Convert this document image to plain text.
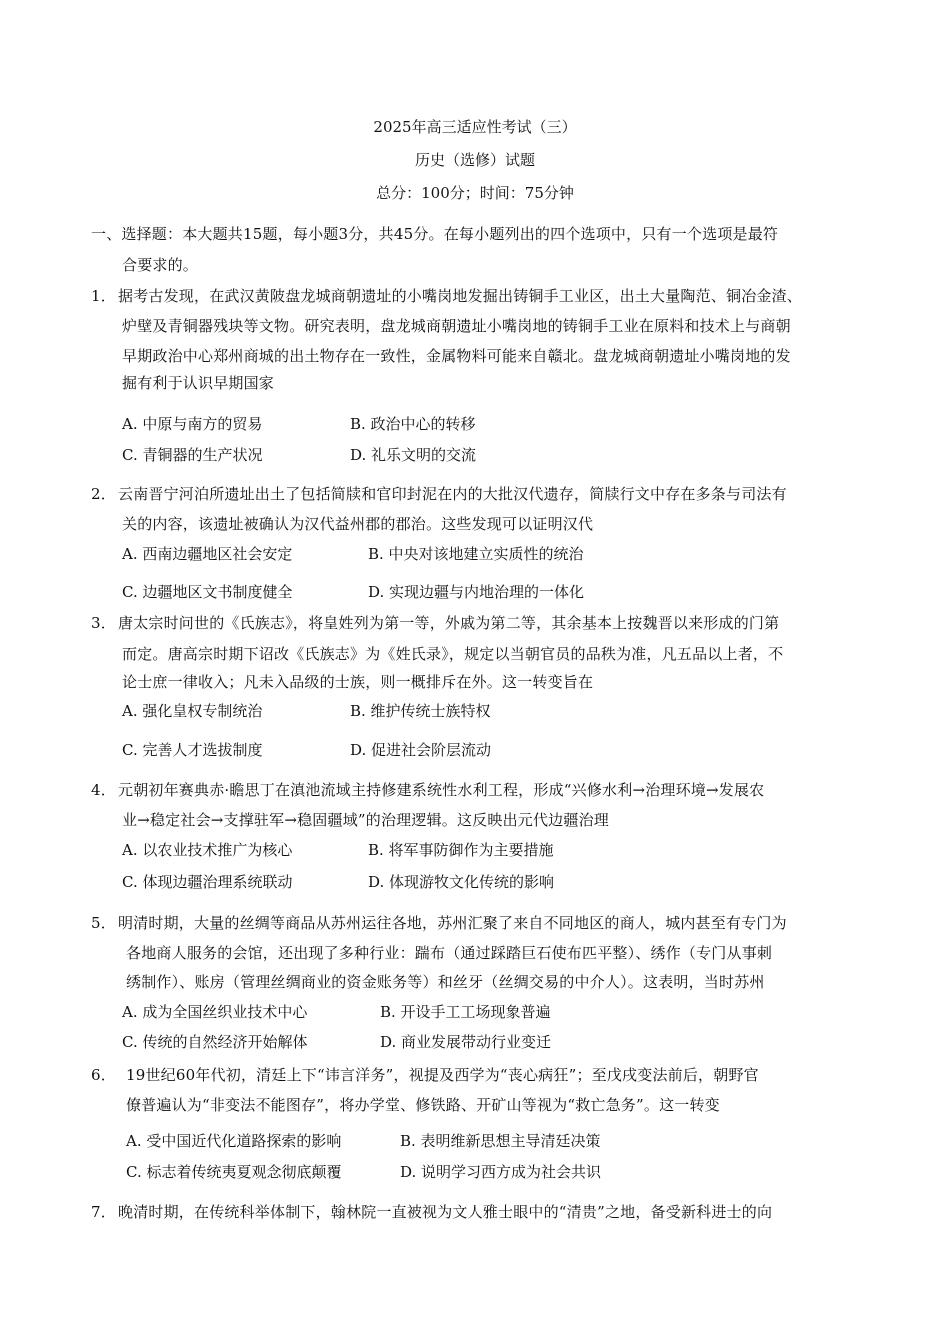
2025年高三适应性考试（三）
历史（选修）试题
总分：100分；时间：75分钟
一、选择题：本大题共15题，每小题3分，共45分。在每小题列出的四个选项中，只有一个选项是最符
合要求的。
1． 据考古发现，在武汉黄陂盘龙城商朝遗址的小嘴岗地发掘出铸铜手工业区，出土大量陶范、铜冶金渣、
炉壁及青铜器残块等文物。研究表明，盘龙城商朝遗址小嘴岗地的铸铜手工业在原料和技术上与商朝
早期政治中心郑州商城的出土物存在一致性，金属物料可能来自赣北。盘龙城商朝遗址小嘴岗地的发
掘有利于认识早期国家
A. 中原与南方的贸易	B. 政治中心的转移
C. 青铜器的生产状况	D. 礼乐文明的交流
2． 云南晋宁河泊所遗址出土了包括简牍和官印封泥在内的大批汉代遗存，简牍行文中存在多条与司法有
关的内容，该遗址被确认为汉代益州郡的郡治。这些发现可以证明汉代
A. 西南边疆地区社会安定	B. 中央对该地建立实质性的统治
C. 边疆地区文书制度健全	D. 实现边疆与内地治理的一体化
3． 唐太宗时问世的《氏族志》，将皇姓列为第一等，外戚为第二等，其余基本上按魏晋以来形成的门第
而定。唐高宗时期下诏改《氏族志》为《姓氏录》，规定以当朝官员的品秩为准，凡五品以上者，不
论士庶一律收入；凡未入品级的士族，则一概排斥在外。这一转变旨在
A. 强化皇权专制统治	B. 维护传统士族特权
C. 完善人才选拔制度	D. 促进社会阶层流动
4． 元朝初年赛典赤·瞻思丁在滇池流域主持修建系统性水利工程，形成“兴修水利→治理环境→发展农
业→稳定社会→支撑驻军→稳固疆域”的治理逻辑。这反映出元代边疆治理
A. 以农业技术推广为核心	B. 将军事防御作为主要措施
C. 体现边疆治理系统联动	D. 体现游牧文化传统的影响
5． 明清时期，大量的丝绸等商品从苏州运往各地，苏州汇聚了来自不同地区的商人，城内甚至有专门为
各地商人服务的会馆，还出现了多种行业：踹布（通过踩踏巨石使布匹平整）、绣作（专门从事刺
绣制作）、账房（管理丝绸商业的资金账务等）和丝牙（丝绸交易的中介人）。这表明，当时苏州
A. 成为全国丝织业技术中心	B. 开设手工工场现象普遍
C. 传统的自然经济开始解体	D. 商业发展带动行业变迁
6． 19世纪60年代初，清廷上下“讳言洋务”，视提及西学为“丧心病狂”；至戊戌变法前后，朝野官
僚普遍认为“非变法不能图存”，将办学堂、修铁路、开矿山等视为“救亡急务”。这一转变
A. 受中国近代化道路探索的影响	B. 表明维新思想主导清廷决策
C. 标志着传统夷夏观念彻底颠覆	D. 说明学习西方成为社会共识
7． 晚清时期，在传统科举体制下，翰林院一直被视为文人雅士眼中的“清贵”之地，备受新科进士的向
